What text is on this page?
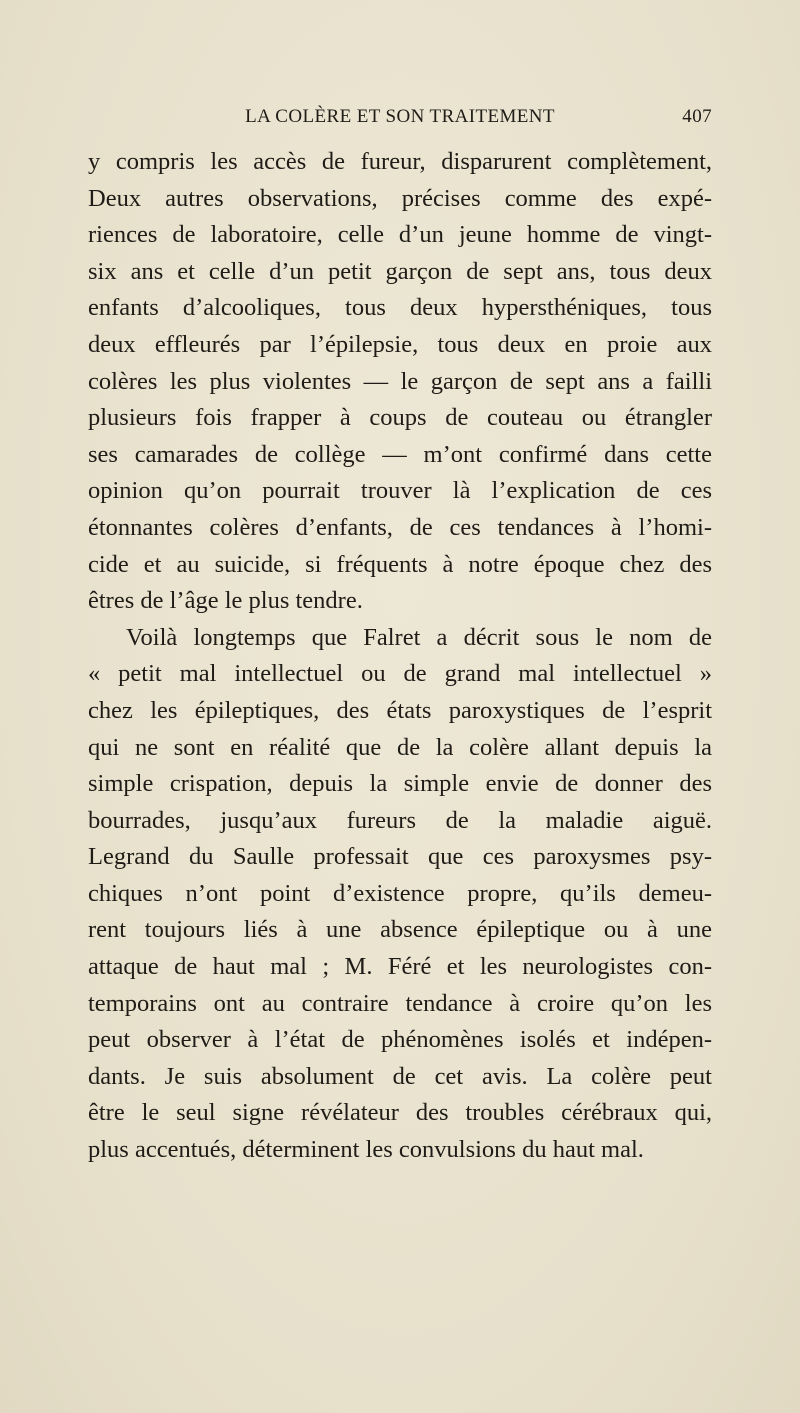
LA COLÈRE ET SON TRAITEMENT	407
y compris les accès de fureur, disparurent complètement,
Deux autres observations, précises comme des expé-
riences de laboratoire, celle d’un jeune homme de vingt-
six ans et celle d’un petit garçon de sept ans, tous deux
enfants d’alcooliques, tous deux hypersthéniques, tous
deux effleurés par l’épilepsie, tous deux en proie aux
colères les plus violentes — le garçon de sept ans a failli
plusieurs fois frapper à coups de couteau ou étrangler
ses camarades de collège — m’ont confirmé dans cette
opinion qu’on pourrait trouver là l’explication de ces
étonnantes colères d’enfants, de ces tendances à l’homi-
cide et au suicide, si fréquents à notre époque chez des
êtres de l’âge le plus tendre.
Voilà longtemps que Falret a décrit sous le nom de
« petit mal intellectuel ou de grand mal intellectuel »
chez les épileptiques, des états paroxystiques de l’esprit
qui ne sont en réalité que de la colère allant depuis la
simple crispation, depuis la simple envie de donner des
bourrades, jusqu’aux fureurs de la maladie aiguë.
Legrand du Saulle professait que ces paroxysmes psy-
chiques n’ont point d’existence propre, qu’ils demeu-
rent toujours liés à une absence épileptique ou à une
attaque de haut mal ; M. Féré et les neurologistes con-
temporains ont au contraire tendance à croire qu’on les
peut observer à l’état de phénomènes isolés et indépen-
dants. Je suis absolument de cet avis. La colère peut
être le seul signe révélateur des troubles cérébraux qui,
plus accentués, déterminent les convulsions du haut mal.
